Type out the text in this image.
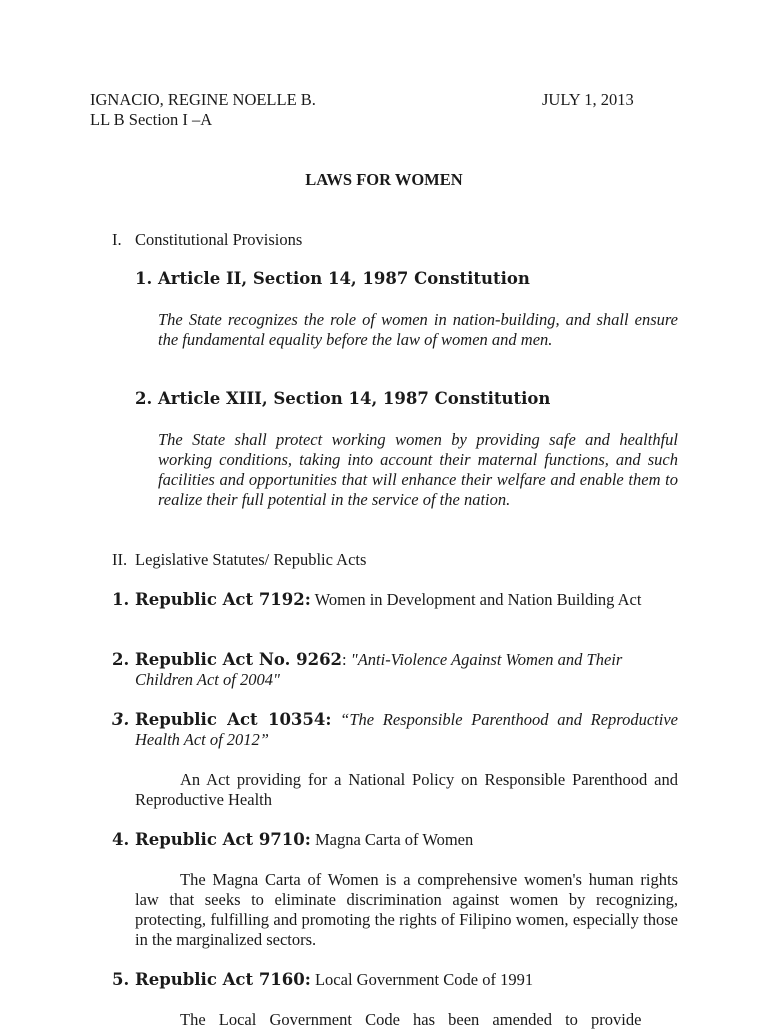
IGNACIO, REGINE NOELLE B.	JULY 1, 2013
LL B Section I –A
LAWS FOR WOMEN
I. Constitutional Provisions
1. Article II, Section 14, 1987 Constitution
The State recognizes the role of women in nation-building, and shall ensure the fundamental equality before the law of women and men.
2. Article XIII, Section 14, 1987 Constitution
The State shall protect working women by providing safe and healthful working conditions, taking into account their maternal functions, and such facilities and opportunities that will enhance their welfare and enable them to realize their full potential in the service of the nation.
II. Legislative Statutes/ Republic Acts
1. Republic Act 7192: Women in Development and Nation Building Act
2. Republic Act No. 9262: "Anti-Violence Against Women and Their Children Act of 2004"
3. Republic Act 10354: “The Responsible Parenthood and Reproductive Health Act of 2012”
An Act providing for a National Policy on Responsible Parenthood and Reproductive Health
4. Republic Act 9710: Magna Carta of Women
The Magna Carta of Women is a comprehensive women's human rights law that seeks to eliminate discrimination against women by recognizing, protecting, fulfilling and promoting the rights of Filipino women, especially those in the marginalized sectors.
5. Republic Act 7160: Local Government Code of 1991
The Local Government Code has been amended to provide
